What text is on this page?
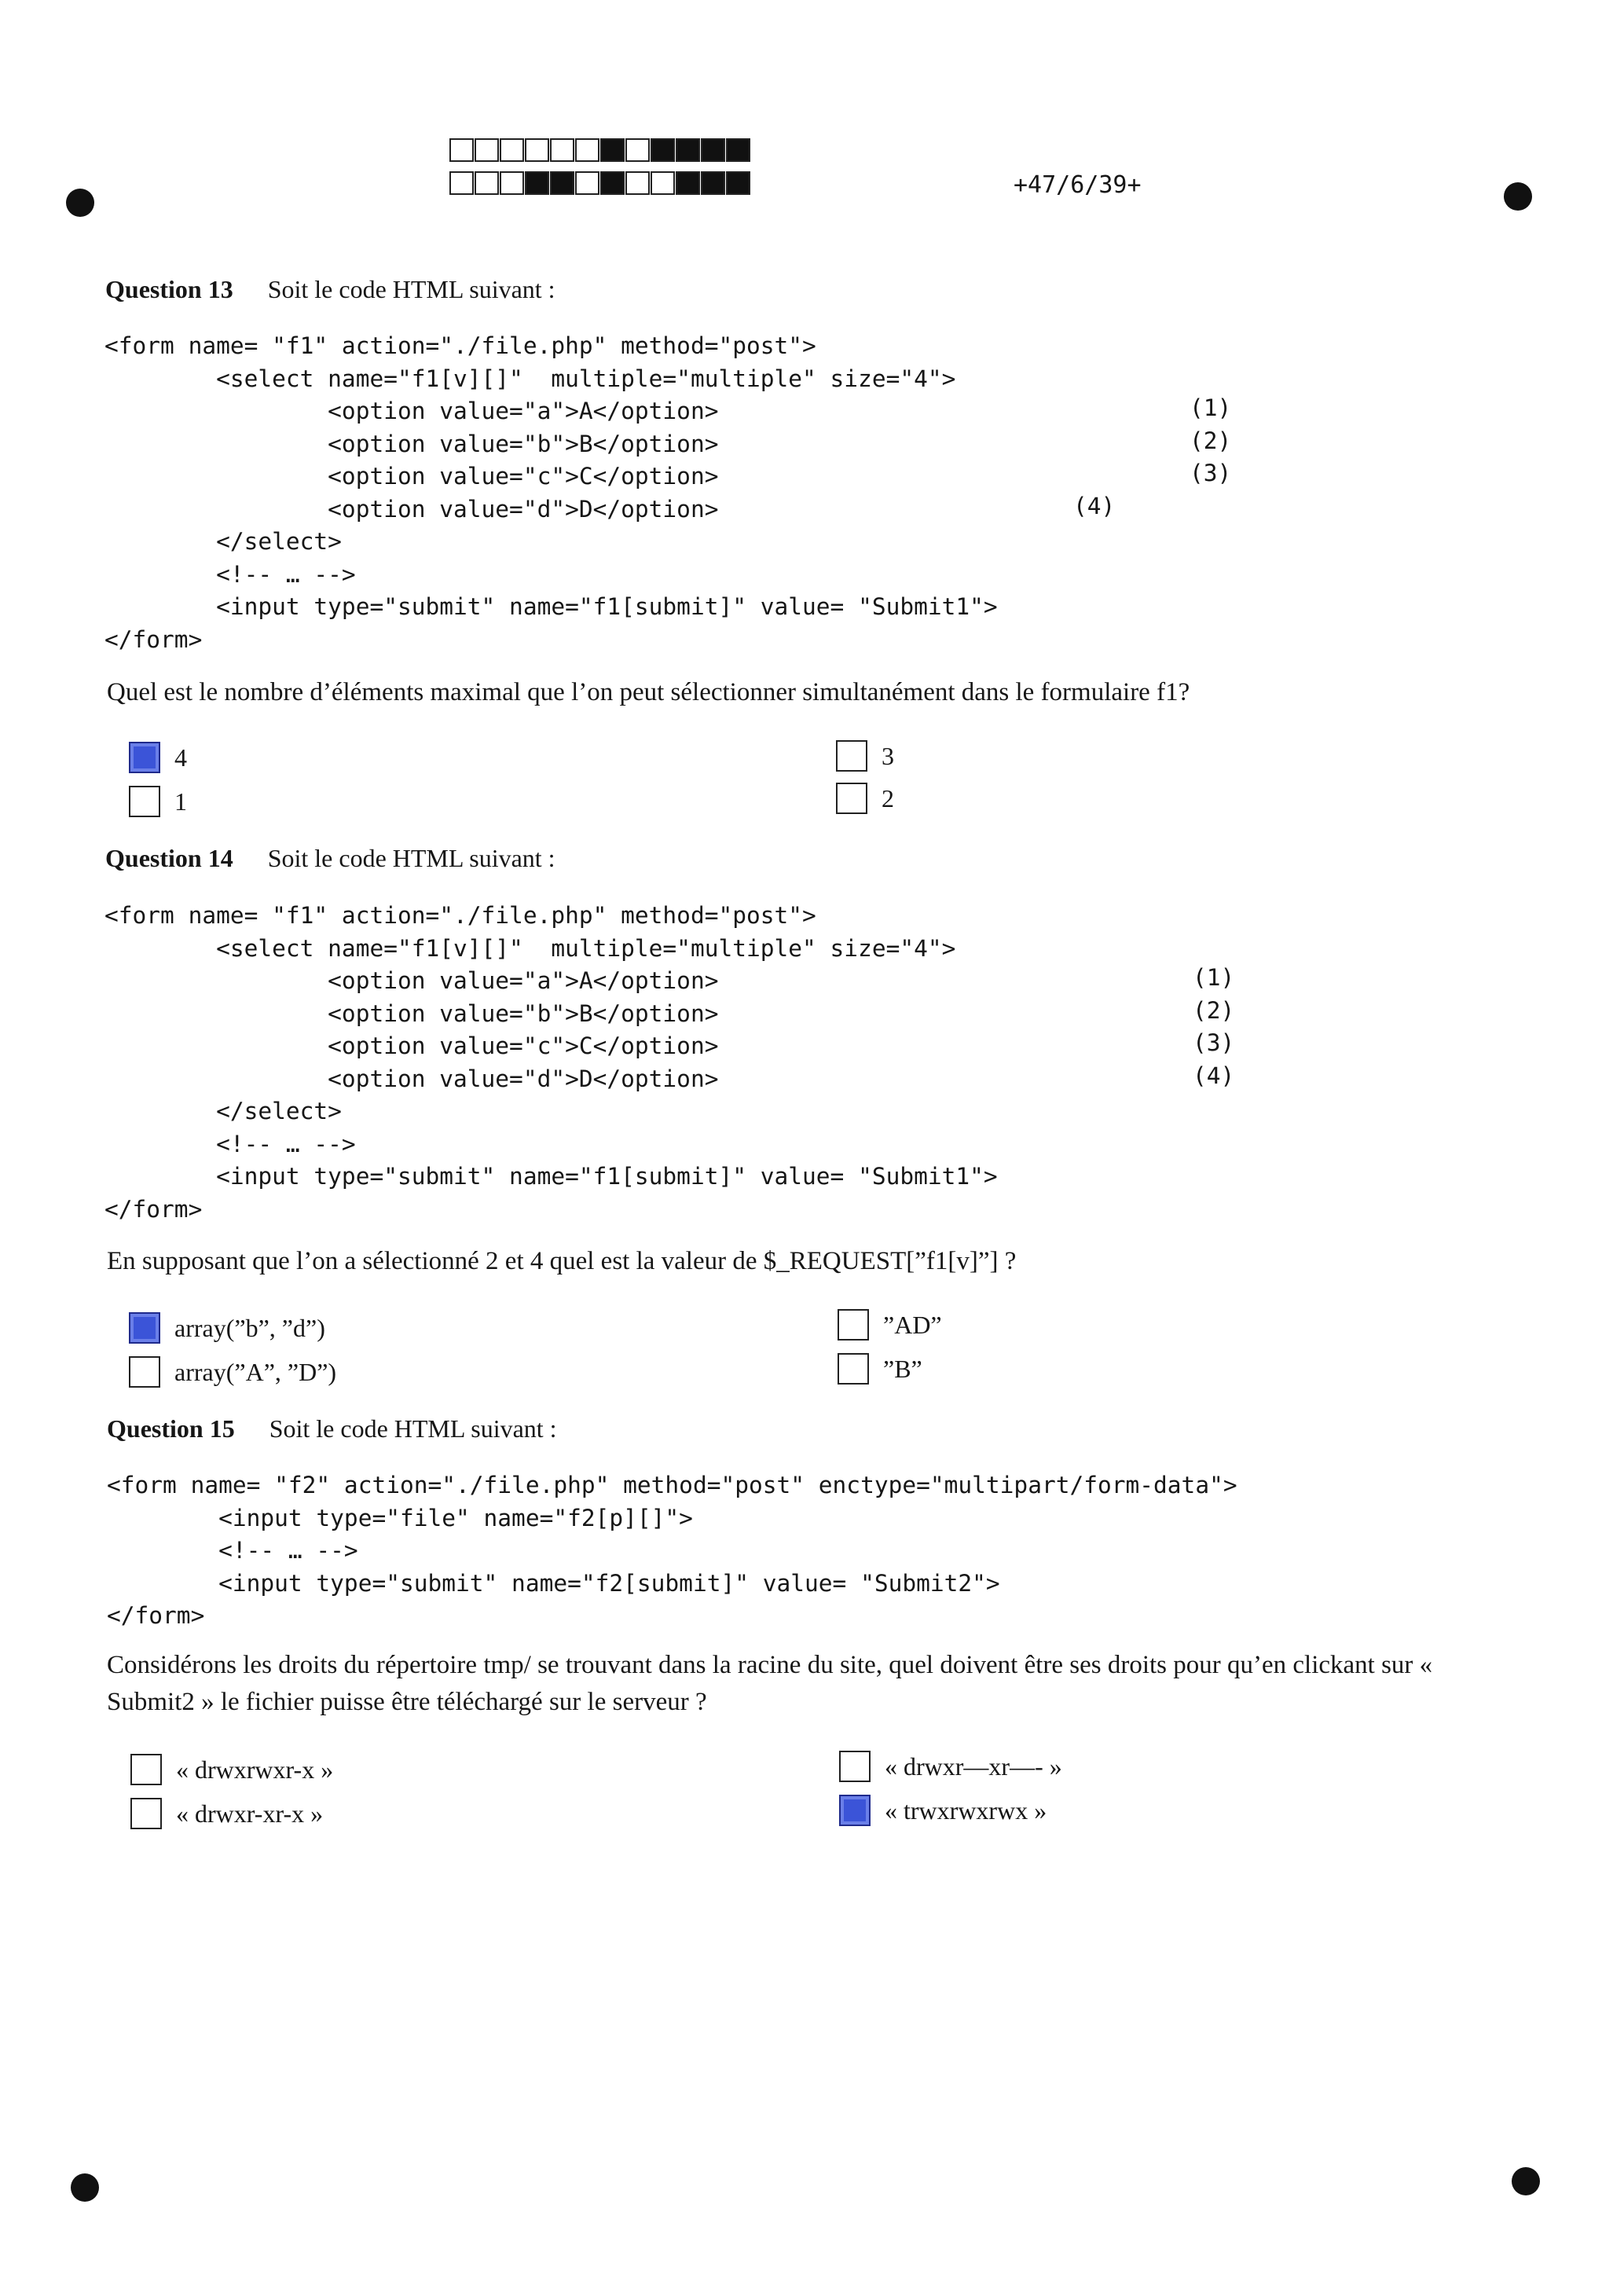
+47/6/39+
Question 13 Soit le code HTML suivant :
<form name= "f1" action="./file.php" method="post">
<select name="f1[v][]"  multiple="multiple" size="4">
<option value="a">A</option>
<option value="b">B</option>
<option value="c">C</option>
<option value="d">D</option>
</select>
<!-- … -->
<input type="submit" name="f1[submit]" value= "Submit1">
</form>
(1)
(2)
(3)
(4)

Quel est le nombre d’éléments maximal que l’on peut sélectionner simultanément dans le formulaire f1?

4
1
3
2
Question 14 Soit le code HTML suivant :
<form name= "f1" action="./file.php" method="post">
<select name="f1[v][]"  multiple="multiple" size="4">
<option value="a">A</option>
<option value="b">B</option>
<option value="c">C</option>
<option value="d">D</option>
</select>
<!-- … -->
<input type="submit" name="f1[submit]" value= "Submit1">
</form>
(1)
(2)
(3)
(4)

En supposant que l’on a sélectionné 2 et 4 quel est la valeur de $_REQUEST[”f1[v]”] ?

array(”b”, ”d”)
array(”A”, ”D”)
”AD”
”B”
Question 15 Soit le code HTML suivant :
<form name= "f2" action="./file.php" method="post" enctype="multipart/form-data">
<input type="file" name="f2[p][]">
<!-- … -->
<input type="submit" name="f2[submit]" value= "Submit2">
</form>

Considérons les droits du répertoire tmp/ se trouvant dans la racine du site, quel doivent être ses droits pour qu’en clickant sur « Submit2 » le fichier puisse être téléchargé sur le serveur ?

« drwxrwxr-x »
« drwxr-xr-x »
« drwxr—xr—- »
« trwxrwxrwx »
